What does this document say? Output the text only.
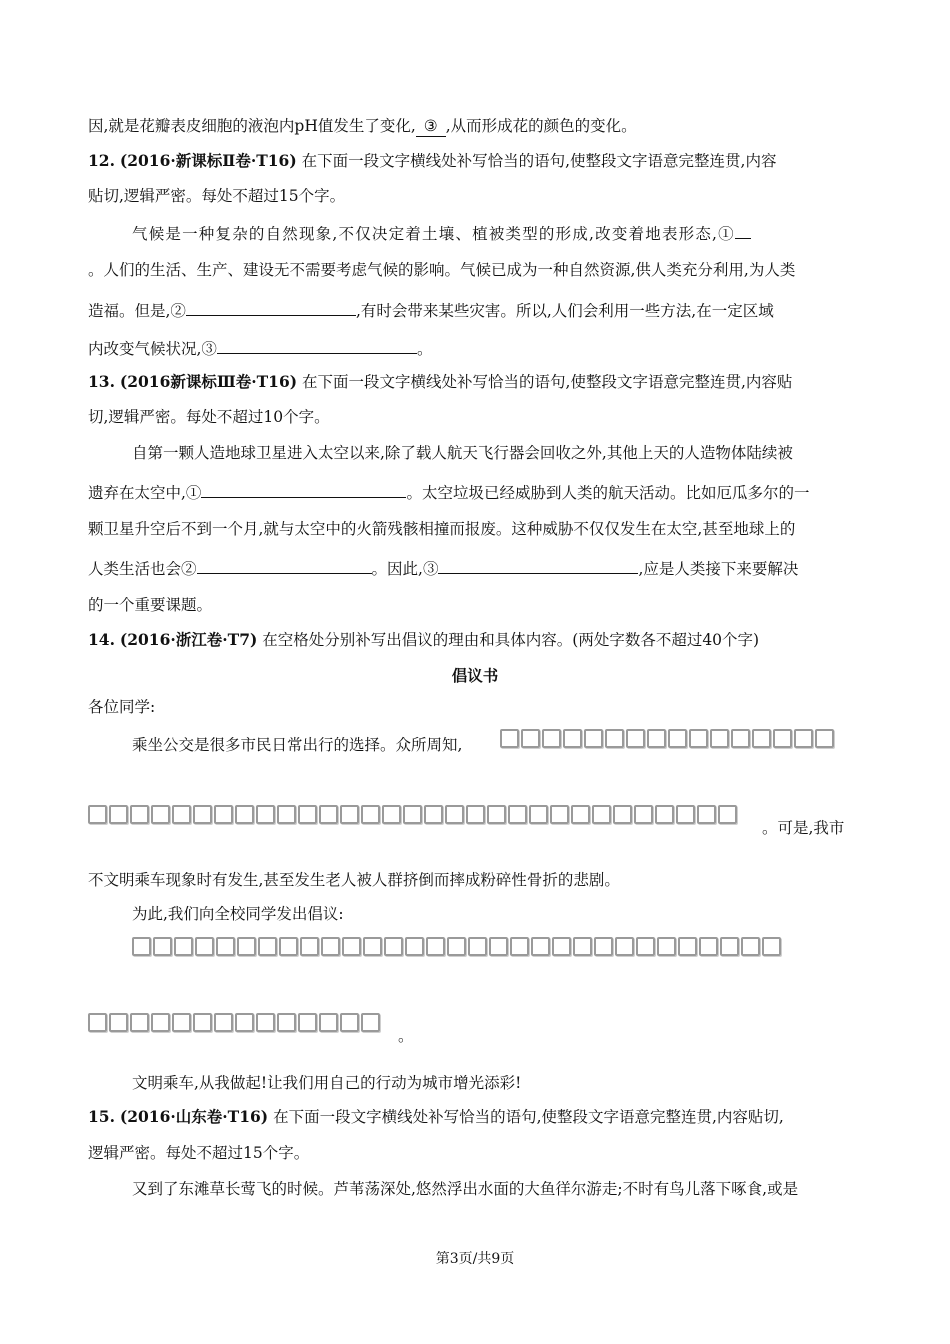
因,就是花瓣表皮细胞的液泡内pH值发生了变化, ③ ,从而形成花的颜色的变化。
12. (2016·新课标Ⅱ卷·T16) 在下面一段文字横线处补写恰当的语句,使整段文字语意完整连贯,内容
贴切,逻辑严密。每处不超过15个字。
气候是一种复杂的自然现象,不仅决定着土壤、植被类型的形成,改变着地表形态,①
。人们的生活、生产、建设无不需要考虑气候的影响。气候已成为一种自然资源,供人类充分利用,为人类
造福。但是,②	,有时会带来某些灾害。所以,人们会利用一些方法,在一定区域
内改变气候状况,③	。
13. (2016新课标Ⅲ卷·T16) 在下面一段文字横线处补写恰当的语句,使整段文字语意完整连贯,内容贴
切,逻辑严密。每处不超过10个字。
自第一颗人造地球卫星进入太空以来,除了载人航天飞行器会回收之外,其他上天的人造物体陆续被
遗弃在太空中,①	。太空垃圾已经威胁到人类的航天活动。比如厄瓜多尔的一
颗卫星升空后不到一个月,就与太空中的火箭残骸相撞而报废。这种威胁不仅仅发生在太空,甚至地球上的
人类生活也会②	。因此,③	,应是人类接下来要解决
的一个重要课题。
14. (2016·浙江卷·T7) 在空格处分别补写出倡议的理由和具体内容。(两处字数各不超过40个字)
倡议书
各位同学:
乘坐公交是很多市民日常出行的选择。众所周知,
。可是,我市
不文明乘车现象时有发生,甚至发生老人被人群挤倒而摔成粉碎性骨折的悲剧。
为此,我们向全校同学发出倡议:
。
文明乘车,从我做起!让我们用自己的行动为城市增光添彩!
15. (2016·山东卷·T16) 在下面一段文字横线处补写恰当的语句,使整段文字语意完整连贯,内容贴切,
逻辑严密。每处不超过15个字。
又到了东滩草长莺飞的时候。芦苇荡深处,悠然浮出水面的大鱼徉尔游走;不时有鸟儿落下啄食,或是
第3页/共9页
